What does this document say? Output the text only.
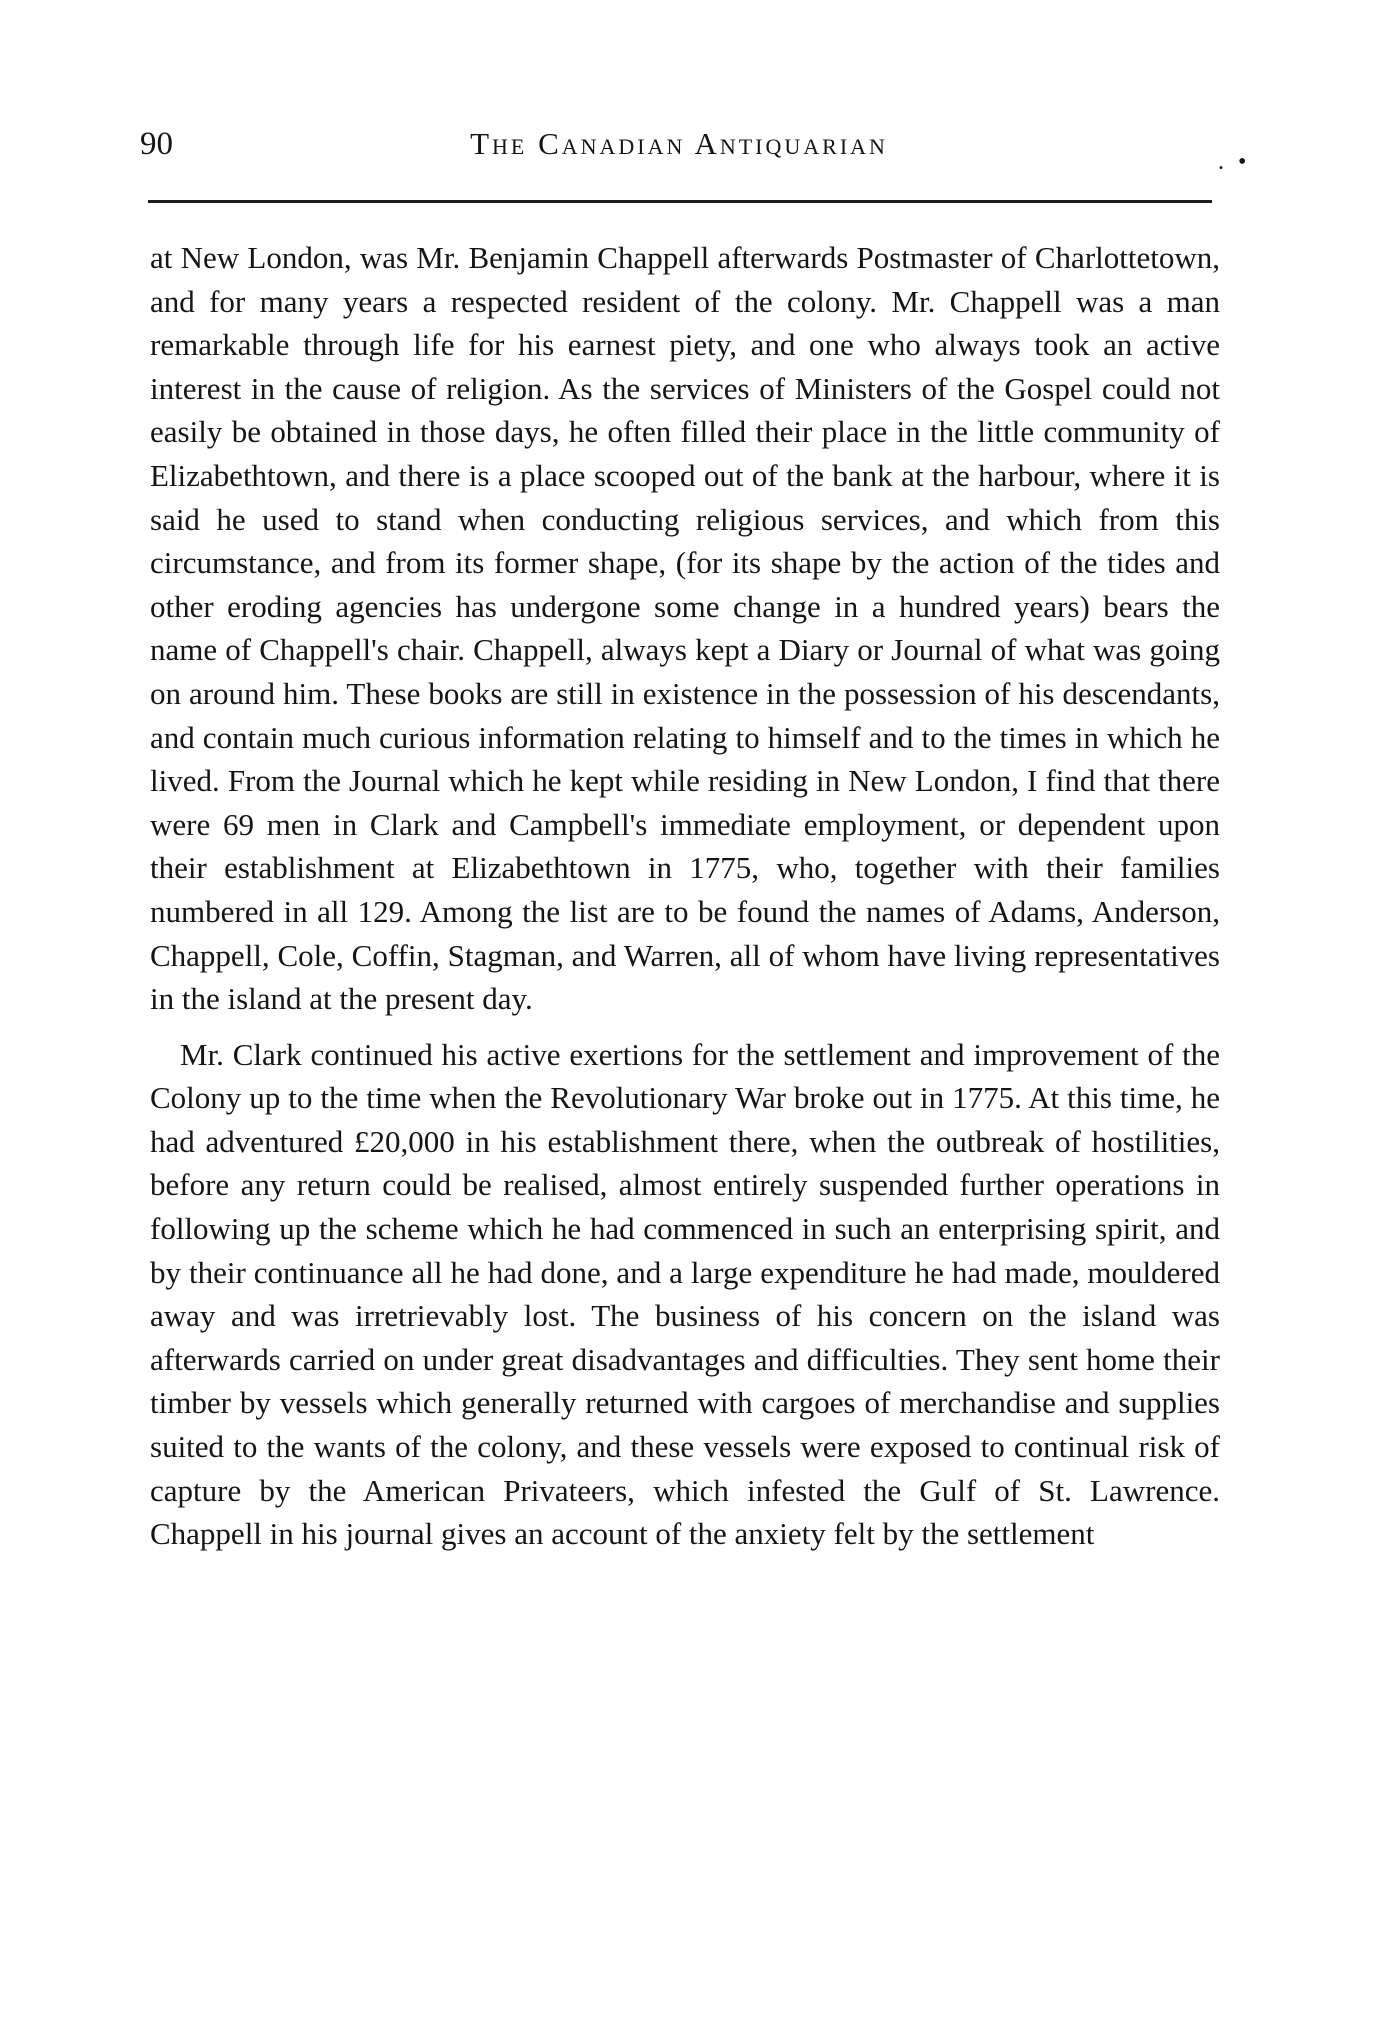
90	The Canadian Antiquarian
. •

at New London, was Mr. Benjamin Chappell afterwards Postmaster of Charlottetown, and for many years a respected resident of the colony. Mr. Chappell was a man remarkable through life for his earnest piety, and one who always took an active interest in the cause of religion. As the services of Ministers of the Gospel could not easily be obtained in those days, he often filled their place in the little community of Elizabethtown, and there is a place scooped out of the bank at the harbour, where it is said he used to stand when conducting religious services, and which from this circumstance, and from its former shape, (for its shape by the action of the tides and other eroding agencies has undergone some change in a hundred years) bears the name of Chappell's chair. Chappell, always kept a Diary or Journal of what was going on around him. These books are still in existence in the possession of his descendants, and contain much curious information relating to himself and to the times in which he lived. From the Journal which he kept while residing in New London, I find that there were 69 men in Clark and Campbell's immediate employment, or dependent upon their establishment at Elizabethtown in 1775, who, together with their families numbered in all 129. Among the list are to be found the names of Adams, Anderson, Chappell, Cole, Coffin, Stagman, and Warren, all of whom have living representatives in the island at the present day.

Mr. Clark continued his active exertions for the settlement and improvement of the Colony up to the time when the Revolutionary War broke out in 1775. At this time, he had adventured £20,000 in his establishment there, when the outbreak of hostilities, before any return could be realised, almost entirely suspended further operations in following up the scheme which he had commenced in such an enterprising spirit, and by their continuance all he had done, and a large expenditure he had made, mouldered away and was irretrievably lost. The business of his concern on the island was afterwards carried on under great disadvantages and difficulties. They sent home their timber by vessels which generally returned with cargoes of merchandise and supplies suited to the wants of the colony, and these vessels were exposed to continual risk of capture by the American Privateers, which infested the Gulf of St. Lawrence. Chappell in his journal gives an account of the anxiety felt by the settlement
